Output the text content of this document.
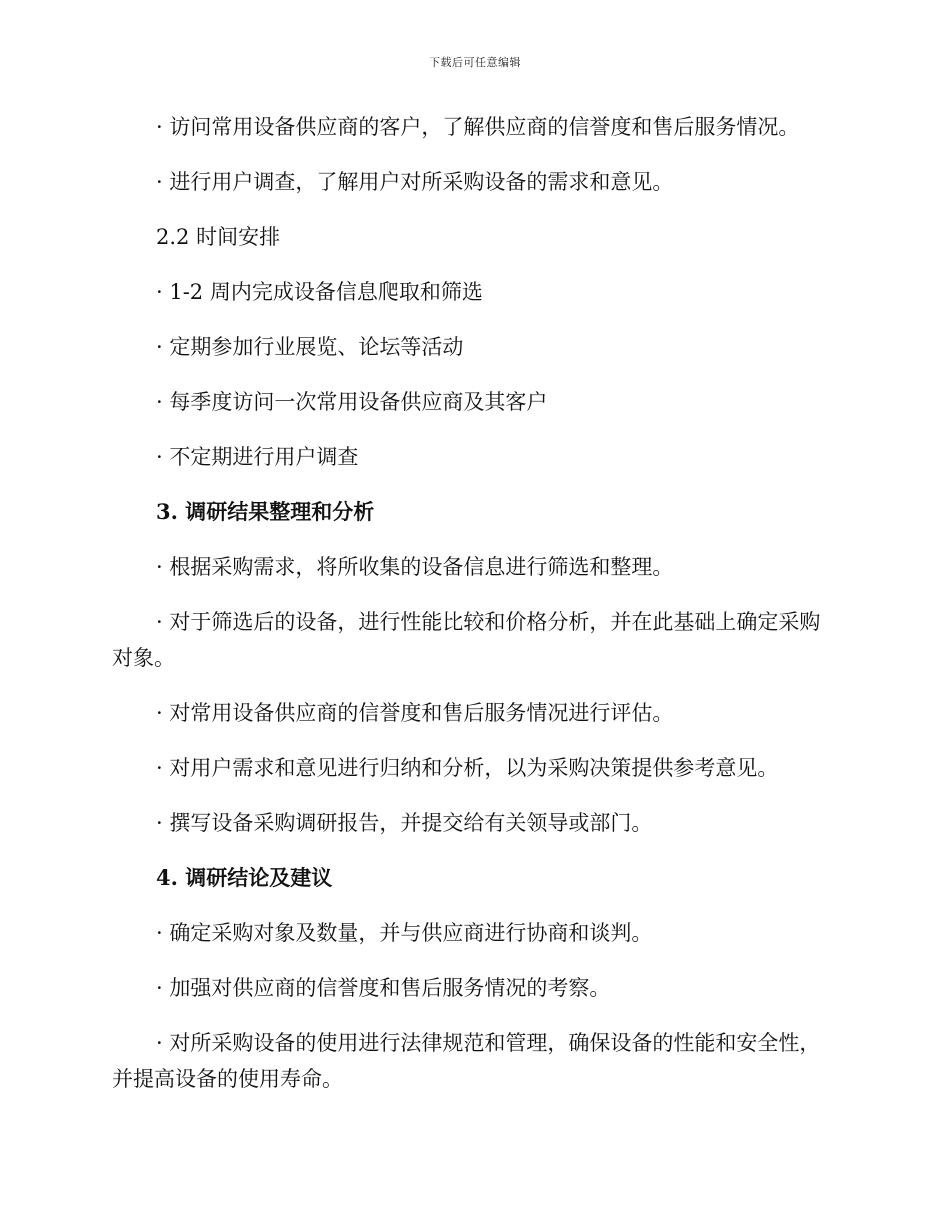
下载后可任意编辑

· 访问常用设备供应商的客户，了解供应商的信誉度和售后服务情况。

· 进行用户调查，了解用户对所采购设备的需求和意见。

2.2 时间安排

· 1-2 周内完成设备信息爬取和筛选

· 定期参加行业展览、论坛等活动

· 每季度访问一次常用设备供应商及其客户

· 不定期进行用户调查

3. 调研结果整理和分析

· 根据采购需求，将所收集的设备信息进行筛选和整理。

· 对于筛选后的设备，进行性能比较和价格分析，并在此基础上确定采购对象。

· 对常用设备供应商的信誉度和售后服务情况进行评估。

· 对用户需求和意见进行归纳和分析，以为采购决策提供参考意见。

· 撰写设备采购调研报告，并提交给有关领导或部门。

4. 调研结论及建议

· 确定采购对象及数量，并与供应商进行协商和谈判。

· 加强对供应商的信誉度和售后服务情况的考察。

· 对所采购设备的使用进行法律规范和管理，确保设备的性能和安全性，并提高设备的使用寿命。
